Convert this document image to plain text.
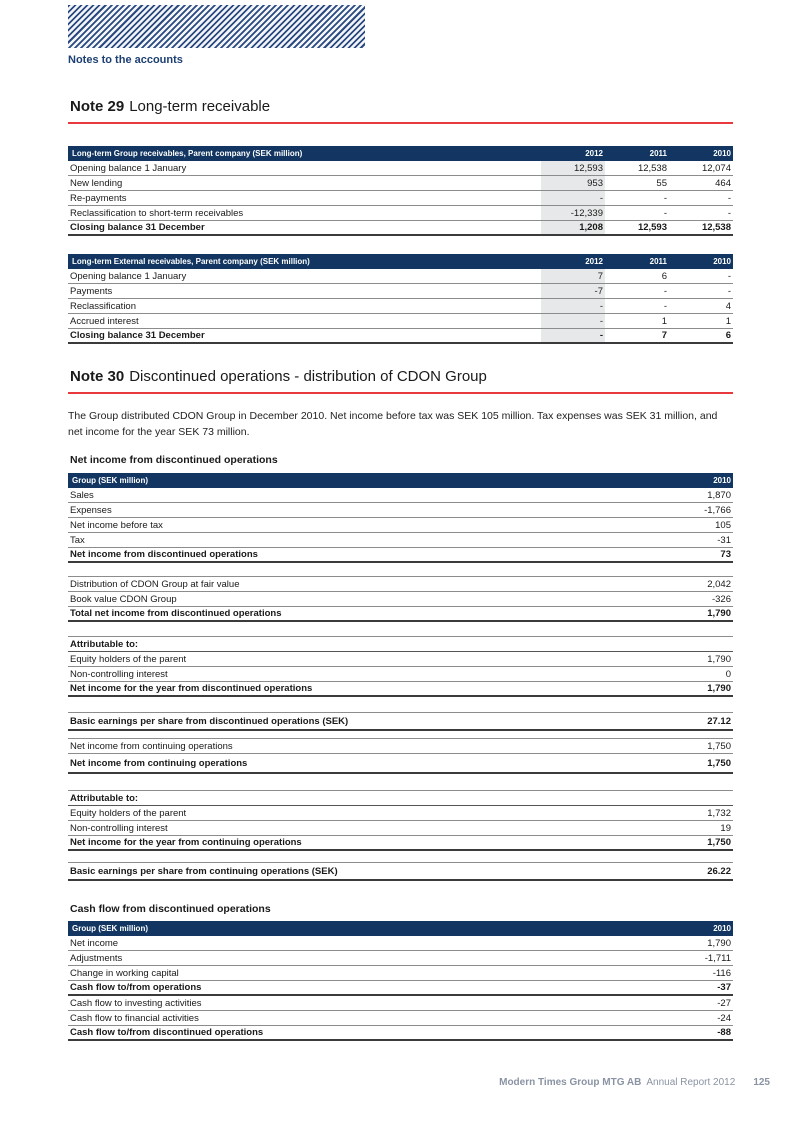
Notes to the accounts
Note 29 Long-term receivable
Long-term Group receivables, Parent company (SEK million)	2012	2011	2010
Opening balance 1 January	12,593	12,538	12,074
New lending	953	55	464
Re-payments	-	-	-
Reclassification to short-term receivables	-12,339	-	-
Closing balance 31 December	1,208	12,593	12,538
Long-term External receivables, Parent company (SEK million)	2012	2011	2010
Opening balance 1 January	7	6	-
Payments	-7	-	-
Reclassification	-	-	4
Accrued interest	-	1	1
Closing balance 31 December	-	7	6
Note 30 Discontinued operations - distribution of CDON Group
The Group distributed CDON Group in December 2010. Net income before tax was SEK 105 million. Tax expenses was SEK 31 million, and net income for the year SEK 73 million.
Net income from discontinued operations
Group (SEK million)	2010
Sales	1,870
Expenses	-1,766
Net income before tax	105
Tax	-31
Net income from discontinued operations	73
Distribution of CDON Group at fair value	2,042
Book value CDON Group	-326
Total net income from discontinued operations	1,790
Attributable to:
Equity holders of the parent	1,790
Non-controlling interest	0
Net income for the year from discontinued operations	1,790
Basic earnings per share from discontinued operations (SEK)	27.12
Net income from continuing operations	1,750
Net income from continuing operations	1,750
Attributable to:
Equity holders of the parent	1,732
Non-controlling interest	19
Net income for the year from continuing operations	1,750
Basic earnings per share from continuing operations (SEK)	26.22
Cash flow from discontinued operations
Group (SEK million)	2010
Net income	1,790
Adjustments	-1,711
Change in working capital	-116
Cash flow to/from operations	-37
Cash flow to investing activities	-27
Cash flow to financial activities	-24
Cash flow to/from discontinued operations	-88
Modern Times Group MTG AB Annual Report 2012 125
